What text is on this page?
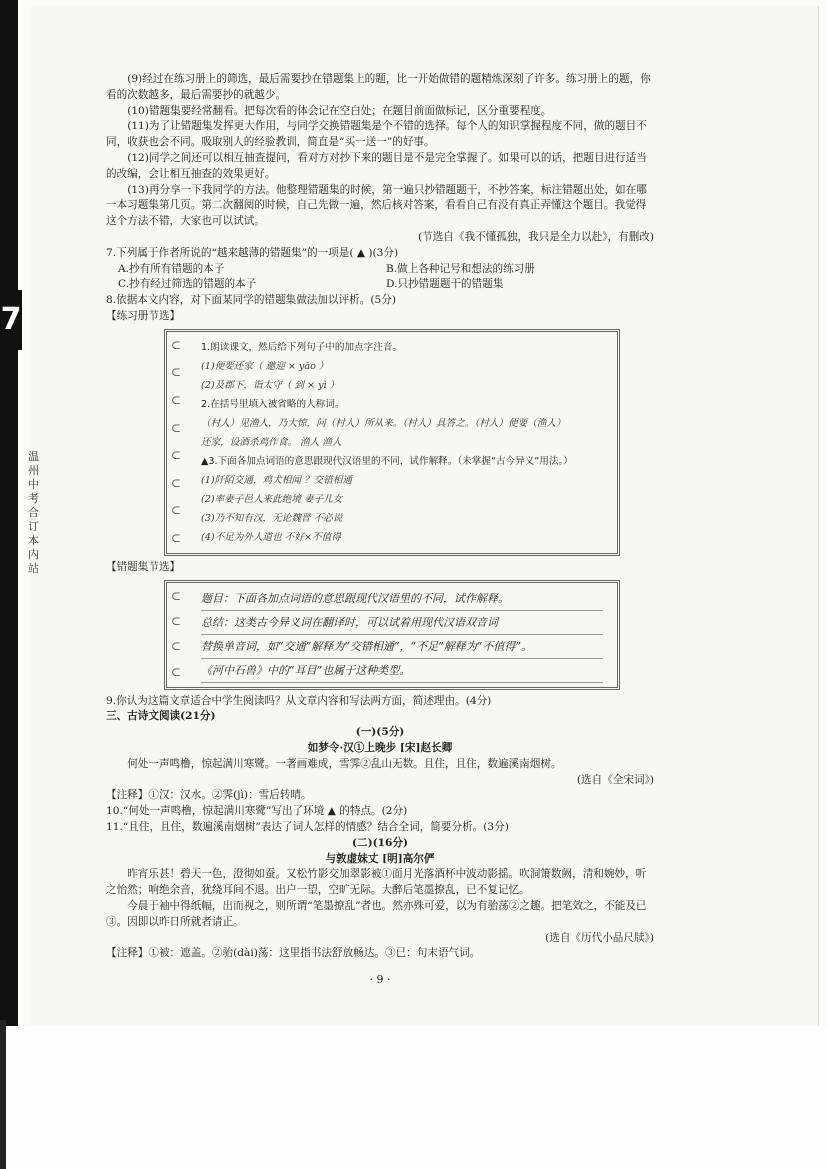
7
温州中考合订本 内站

(9)经过在练习册上的筛选，最后需要抄在错题集上的题，比一开始做错的题精炼深刻了许多。练习册上的题，你看的次数越多，最后需要抄的就越少。

(10)错题集要经常翻看。把每次看的体会记在空白处；在题目前面做标记，区分重要程度。

(11)为了让错题集发挥更大作用，与同学交换错题集是个不错的选择。每个人的知识掌握程度不同，做的题目不同，收获也会不同。吸取别人的经验教训，简直是“买一送一”的好事。

(12)同学之间还可以相互抽查提问，看对方对抄下来的题目是不是完全掌握了。如果可以的话，把题目进行适当的改编，会让相互抽查的效果更好。

(13)再分享一下我同学的方法。他整理错题集的时候，第一遍只抄错题题干，不抄答案，标注错题出处，如在哪一本习题集第几页。第二次翻阅的时候，自己先做一遍，然后核对答案，看看自己有没有真正弄懂这个题目。我觉得这个方法不错，大家也可以试试。

(节选自《我不懂孤独，我只是全力以赴》，有删改)

7.下列属于作者所说的“越来越薄的错题集”的一项是( ▲ )(3分)

A.抄有所有错题的本子	B.做上各种记号和想法的练习册
C.抄有经过筛选的错题的本子	D.只抄错题题干的错题集

8.依据本文内容，对下面某同学的错题集做法加以评析。(5分)

【练习册节选】

⊂
⊂
⊂
⊂
⊂
⊂
⊂
⊂

1.朗读课文，然后给下列句子中的加点字注音。

(1)便要还家（ 邀迎 × yāo ）

(2)及郡下，诣太守（ 到 × yì ）

2.在括号里填入被省略的人称词。

（村人）见渔人，乃大惊，问（村人）所从来。（村人）具答之。（村人）便要（渔人）

还家，设酒杀鸡作食。 渔人 渔人

▲3.下面各加点词语的意思跟现代汉语里的不同，试作解释。（未掌握“古今异义”用法。）

(1)阡陌交通，鸡犬相闻 ？交错相通

(2)率妻子邑人来此绝境 妻子儿女

(3)乃不知有汉，无论魏晋 不必说

(4)不足为外人道也 不好×不值得

【错题集节选】

⊂
⊂
⊂
⊂

题目：下面各加点词语的意思跟现代汉语里的不同，试作解释。

总结：这类古今异义词在翻译时，可以试着用现代汉语双音词

替换单音词，如“交通”解释为“交错相通”，“不足”解释为“不值得”。

《河中石兽》中的“耳目”也属于这种类型。

9.你认为这篇文章适合中学生阅读吗？从文章内容和写法两方面，简述理由。(4分)

三、古诗文阅读(21分)

(一)(5分)

如梦令·汉①上晚步 [宋]赵长卿

何处一声鸣橹，惊起满川寒鹭。一著画难成，雪霁②乱山无数。且住，且住，数遍溪南烟树。

(选自《全宋词》)

【注释】①汉：汉水。②霁(jì)：雪后转晴。

10.“何处一声鸣橹，惊起满川寒鹭”写出了环境 ▲ 的特点。(2分)

11.“且住，且住，数遍溪南烟树”表达了词人怎样的情感？结合全词，简要分析。(3分)

(二)(16分)

与敦虚妹丈 [明]高尔俨

昨宵乐甚！碧天一色，澄彻如蚕。又松竹影交加翠影被①面月光落酒杯中波动影摇。吹洞箫数阙，清和婉妙，听之怡然；响绝余音，犹绕耳间不退。出户一望，空旷无际。大醉后笔墨撩乱，已不复记忆。

今晨于袖中得纸幅，出而视之，则所谓“笔墨撩乱”者也。然亦殊可爱，以为有骀荡②之趣。把笔效之，不能及已③。因即以昨日所就者请正。

(选自《历代小品尺牍》)

【注释】①被：遮盖。②骀(dài)荡：这里指书法舒放畅达。③已：句末语气词。

· 9 ·
